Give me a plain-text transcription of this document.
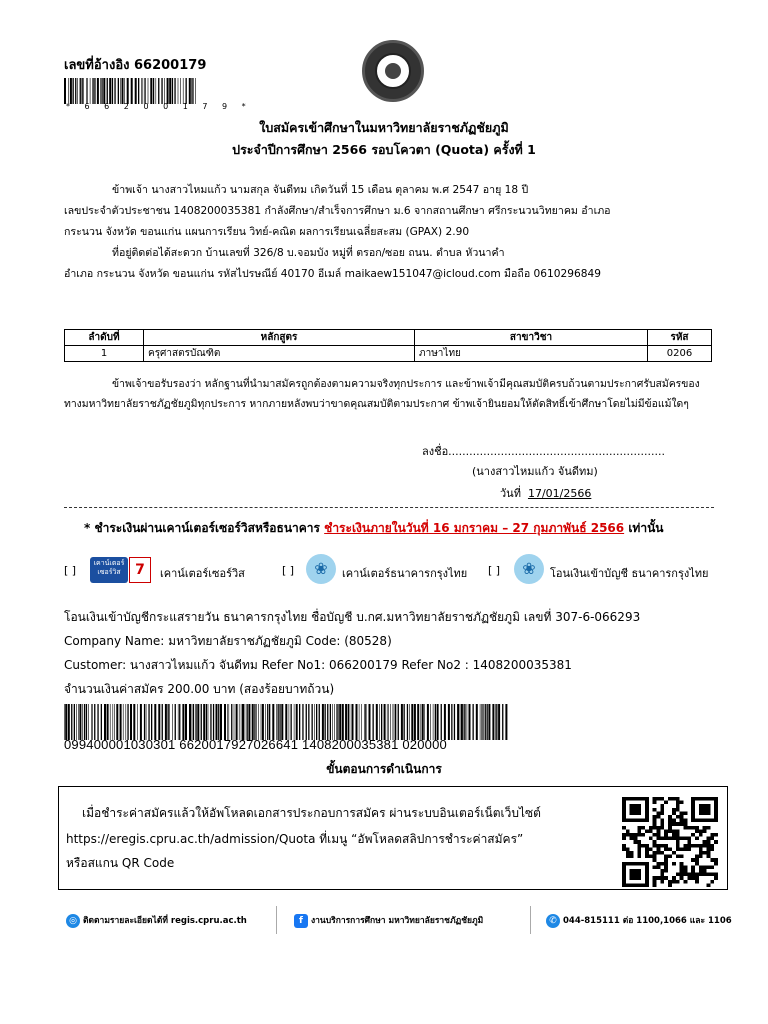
เลขที่อ้างอิง 66200179
* 6 6 2 0 0 1 7 9 *
ใบสมัครเข้าศึกษาในมหาวิทยาลัยราชภัฏชัยภูมิ
ประจำปีการศึกษา 2566 รอบโควตา (Quota) ครั้งที่ 1
ข้าพเจ้า นางสาวไหมแก้ว นามสกุล จันดีทม เกิดวันที่ 15 เดือน ตุลาคม พ.ศ 2547 อายุ 18 ปี
เลขประจำตัวประชาชน 1408200035381 กำลังศึกษา/สำเร็จการศึกษา ม.6 จากสถานศึกษา ศรีกระนวนวิทยาคม อำเภอ
กระนวน จังหวัด ขอนแก่น แผนการเรียน วิทย์-คณิต ผลการเรียนเฉลี่ยสะสม (GPAX) 2.90
ที่อยู่ติดต่อได้สะดวก บ้านเลขที่ 326/8 บ.จอมบัง หมู่ที่ ตรอก/ซอย ถนน. ตำบล หัวนาคำ
อำเภอ กระนวน จังหวัด ขอนแก่น รหัสไปรษณีย์ 40170 อีเมล์ maikaew151047@icloud.com มือถือ 0610296849
ลำดับที่	หลักสูตร	สาขาวิชา	รหัส
1	ครุศาสตรบัณฑิต	ภาษาไทย	0206
ข้าพเจ้าขอรับรองว่า หลักฐานที่นำมาสมัครถูกต้องตามความจริงทุกประการ และข้าพเจ้ามีคุณสมบัติครบถ้วนตามประกาศรับสมัครของทางมหาวิทยาลัยราชภัฏชัยภูมิทุกประการ หากภายหลังพบว่าขาดคุณสมบัติตามประกาศ ข้าพเจ้ายินยอมให้ตัดสิทธิ์เข้าศึกษาโดยไม่มีข้อแม้ใดๆ
ลงชื่อ..............................................................
(นางสาวไหมแก้ว จันดีทม)
วันที่ 17/01/2566
* ชำระเงินผ่านเคาน์เตอร์เซอร์วิสหรือธนาคาร ชำระเงินภายในวันที่ 16 มกราคม – 27 กุมภาพันธ์ 2566 เท่านั้น
[ ]
เคาน์เตอร์ เซอร์วิส	7	เคาน์เตอร์เซอร์วิส	[ ]	❀	เคาน์เตอร์ธนาคารกรุงไทย [ ]	❀	โอนเงินเข้าบัญชี ธนาคารกรุงไทย
โอนเงินเข้าบัญชีกระแสรายวัน ธนาคารกรุงไทย ชื่อบัญชี บ.กศ.มหาวิทยาลัยราชภัฏชัยภูมิ เลขที่ 307-6-066293
Company Name: มหาวิทยาลัยราชภัฏชัยภูมิ Code: (80528)
Customer: นางสาวไหมแก้ว จันดีทม Refer No1: 066200179 Refer No2 : 1408200035381
จำนวนเงินค่าสมัคร 200.00 บาท (สองร้อยบาทถ้วน)
099400001030301 6620017927026641 1408200035381 020000
ขั้นตอนการดำเนินการ
เมื่อชำระค่าสมัครแล้วให้อัพโหลดเอกสารประกอบการสมัคร ผ่านระบบอินเตอร์เน็ตเว็บไซต์
https://eregis.cpru.ac.th/admission/Quota ที่เมนู “อัพโหลดสลิปการชำระค่าสมัคร”
หรือสแกน QR Code
◎ ติดตามรายละเอียดได้ที่ regis.cpru.ac.th	f งานบริการการศึกษา มหาวิทยาลัยราชภัฏชัยภูมิ	✆ 044-815111 ต่อ 1100,1066 และ 1106
